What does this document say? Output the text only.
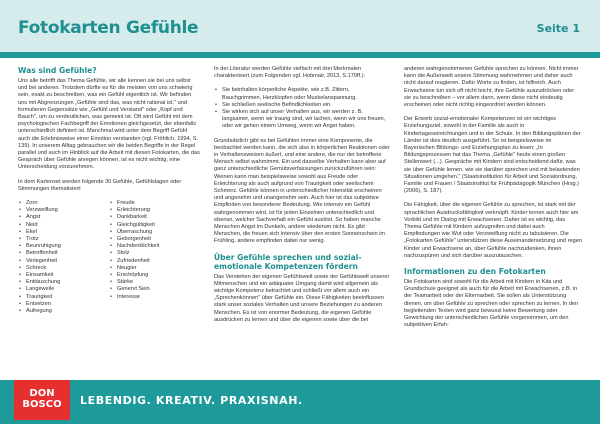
Fotokarten Gefühle	Seite 1
Was sind Gefühle?

Uns alle betrifft das Thema Gefühle, wir alle kennen sie bei uns selbst und bei anderen. Trotzdem dürfte es für die meisten von uns schwierig sein, exakt zu beschreiben, was ein Gefühl eigentlich ist. Wir befinden uns mit Abgrenzungen „Gefühle sind das, was nicht rational ist." und formulieren Gegensätze wie „Gefühl und Verstand" oder „Kopf und Bauch", um zu verdeutlichen, was gemeint ist. Oft wird Gefühl mit dem psychologischen Fachbegriff der Emotionen gleichgesetzt, der ebenfalls unterschiedlich definiert ist. Manchmal wird unter dem Begriff Gefühl auch die Erlebnisweise einer Emotion verstanden (vgl. Fröhlich, 1994, S. 139). In unserem Alltag gebrauchen wir die beiden Begriffe in der Regel parallel und auch im Hinblick auf die Arbeit mit diesen Fotokarten, die das Gespräch über Gefühle anregen können, ist es nicht wichtig, eine Unterscheidung vorzunehmen.

In dem Kartenset werden folgende 30 Gefühle, Gefühlslagen oder Stimmungen thematisiert:

• Zorn
• Verzweiflung
• Angst
• Neid
• Ekel
• Trotz
• Beunruhigung
• Betroffenheit
• Verlegenheit
• Schreck
• Einsamkeit
• Enttäuschung
• Langeweile
• Traurigkeit
• Entsetzen
• Aufregung
• Freude
• Erleichterung
• Dankbarkeit
• Gleichgültigkeit
• Überraschung
• Geborgenheit
• Nachdenklichkeit
• Stolz
• Zufriedenheit
• Neugier
• Erschöpfung
• Stärke
• Genervt Sein
• Interesse

In der Literatur werden Gefühle vielfach mit drei Merkmalen charakterisiert (zum Folgenden vgl. Hobmair, 2013, S.170ff.):

• Sie beinhalten körperliche Aspekte, wie z.B. Zittern, Bauchgrimmen, Herzklopfen oder Muskelanspannung.
• Sie schließen seelische Befindlichkeiten ein.
• Sie wirken sich auf unser Verhalten aus, wir werden z. B. langsamer, wenn wir traurig sind, wir lachen, wenn wir uns freuen, oder wir gehen einem Umweg, wenn wir Angst haben.

Grundsätzlich gibt es bei Gefühlen immer eine Komponente, die beobachtet werden kann, die sich also in körperlichen Reaktionen oder in Verhaltensweisen äußert, und eine andere, die nur der betroffene Mensch selbst wahrnimmt. Ein und dasselbe Verhalten kann aber auf ganz unterschiedliche Gemütsverfassungen zurückzuführen sein: Weinen kann man beispielsweise sowohl aus Freude oder Erleichterung als auch aufgrund von Traurigkeit oder seelischem Schmerz. Gefühle können in unterschiedlicher Intensität erscheinen und angenehm und unangenehm sein. Auch hier ist das subjektive Empfinden von besonderer Bedeutung. Wie intensiv ein Gefühl wahrgenommen wird, ist für jeden Einzelnen unterschiedlich und ebenso, welcher Sachverhalt ein Gefühl auslöst. So haben manche Menschen Angst im Dunkeln, andere wiederum nicht. Es gibt Menschen, die freuen sich intensiv über den ersten Sonnenschein im Frühling, andere empfinden dabei nur wenig.

Über Gefühle sprechen und sozial-emotionale Kompetenzen fördern

Das Verstehen der eigenen Gefühlswelt sowie der Gefühlswelt unserer Mitmenschen und ein adäquater Umgang damit wird allgemein als wichtige Kompetenz betrachtet und schließt vor allem auch ein „Sprechenkönnen" über Gefühle ein. Diese Fähigkeiten beeinflussen stark unser soziales Verhalten und unsere Beziehungen zu anderen Menschen. Es ist von enormer Bedeutung, die eigenen Gefühle ausdrücken zu lernen und über die eigenen sowie über die bei

anderen wahrgenommenen Gefühle sprechen zu können. Nicht immer kann die Außenwelt unsere Stimmung wahrnehmen und daher auch nicht darauf reagieren. Dafür Worte zu finden, ist hilfreich. Auch Erwachsene tun sich oft nicht leicht, ihre Gefühle auszudrücken oder sie zu beschreiben – vor allem dann, wenn diese nicht eindeutig erscheinen oder nicht richtig eingeordnet werden können.

Der Erwerb sozial-emotionaler Kompetenzen ist ein wichtiges Erziehungsziel, sowohl in der Familie als auch in Kindertageseinrichtungen und in der Schule. In den Bildungsplänen der Länder ist dies deutlich ausgeführt. So ist beispielsweise im Bayerischen Bildungs- und Erziehungsplan zu lesen: „In Bildungsprozessen hat das Thema „Gefühle" heute einen großen Stellenwert (...). Gespräche mit Kindern sind entscheidend dafür, was sie über Gefühle lernen, wie sie darüber sprechen und mit belastenden Situationen umgehen." (Staatsinstitution für Arbeit und Sozialordnung, Familie und Frauen / Staatsinstitut für Frühpädagogik München (Hrsg.) (2006), S. 187).

Die Fähigkeit, über die eigenen Gefühle zu sprechen, ist stark mit der sprachlichen Ausdrucksfähigkeit verknüpft. Kinder lernen auch hier am Vorbild und im Dialog mit Erwachsenen. Daher ist es wichtig, das Thema Gefühle mit Kindern aufzugreifen und dabei auch Empfindungen wie Wut oder Verzweiflung nicht zu tabuisieren. Die „Fotokarten Gefühle" unterstützen diese Auseinandersetzung und regen Kinder und Erwachsene an, über Gefühle nachzudenken, ihnen nachzuspüren und sich darüber auszutauschen.

Informationen zu den Fotokarten

Die Fotokarten sind sowohl für die Arbeit mit Kindern in Kita und Grundschule geeignet als auch für die Arbeit mit Erwachsenen, z.B. in der Teamarbeit oder der Elternarbeit. Sie sollen als Unterstützung dienen, um über Gefühle zu sprechen oder sprechen zu lernen. In den begleitenden Texten wird ganz bewusst keine Bewertung oder Gewichtung der unterschiedlichen Gefühle vorgenommen, um den subjektiven Erfah-

DON
BOSCO	LEBENDIG. KREATIV. PRAXISNAH.
